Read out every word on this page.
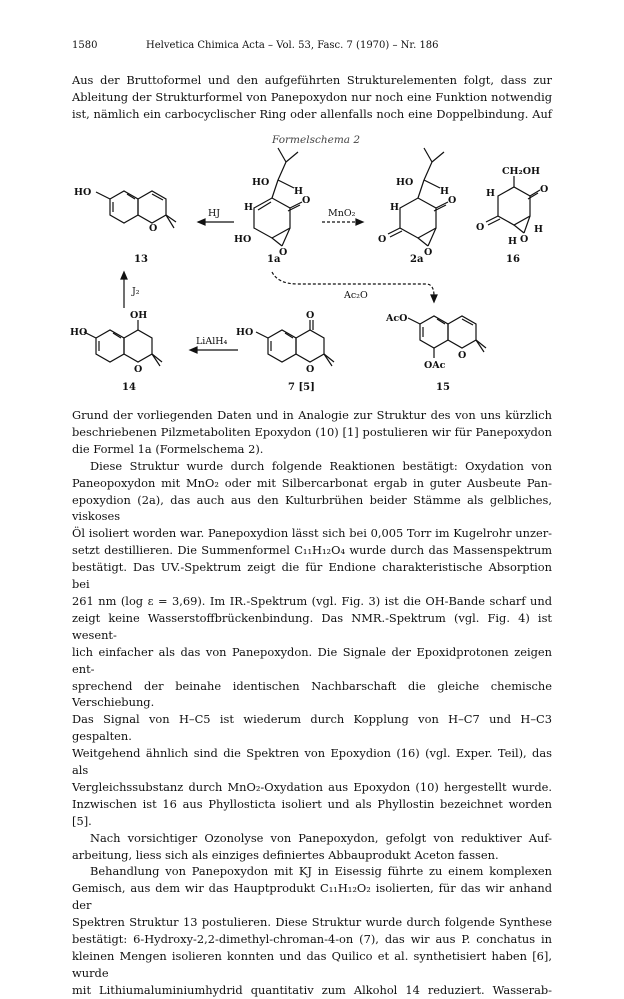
1580	Helvetica Chimica Acta – Vol. 53, Fasc. 7 (1970) – Nr. 186
Aus der Bruttoformel und den aufgeführten Strukturelementen folgt, dass zur
Ableitung der Strukturformel von Panepoxydon nur noch eine Funktion notwendig
ist, nämlich ein carbocyclischer Ring oder allenfalls noch eine Doppelbindung. Auf
Formelschema 2
HO
O
13
HJ
HO
H
H
O
HO
O
1a
MnO₂
HO
H
H
O
O
O
2a
CH₂OH
H	O
O	H
O
H
16
Ac₂O
J₂
OH
HO
O
14
LiAlH₄
O
HO
O
7 [5]
AcO
O
OAc
15
Grund der vorliegenden Daten und in Analogie zur Struktur des von uns kürzlich
beschriebenen Pilzmetaboliten Epoxydon (10) [1] postulieren wir für Panepoxydon
die Formel 1a (Formelschema 2).
Diese Struktur wurde durch folgende Reaktionen bestätigt: Oxydation von
Paneopoxydon mit MnO₂ oder mit Silbercarbonat ergab in guter Ausbeute Pan-
epoxydion (2a), das auch aus den Kulturbrühen beider Stämme als gelbliches, viskoses
Öl isoliert worden war. Panepoxydion lässt sich bei 0,005 Torr im Kugelrohr unzer-
setzt destillieren. Die Summenformel C₁₁H₁₂O₄ wurde durch das Massenspektrum
bestätigt. Das UV.-Spektrum zeigt die für Endione charakteristische Absorption bei
261 nm (log ε = 3,69). Im IR.-Spektrum (vgl. Fig. 3) ist die OH-Bande scharf und
zeigt keine Wasserstoffbrückenbindung. Das NMR.-Spektrum (vgl. Fig. 4) ist wesent-
lich einfacher als das von Panepoxydon. Die Signale der Epoxidprotonen zeigen ent-
sprechend der beinahe identischen Nachbarschaft die gleiche chemische Verschiebung.
Das Signal von H–C5 ist wiederum durch Kopplung von H–C7 und H–C3 gespalten.
Weitgehend ähnlich sind die Spektren von Epoxydion (16) (vgl. Exper. Teil), das als
Vergleichssubstanz durch MnO₂-Oxydation aus Epoxydon (10) hergestellt wurde.
Inzwischen ist 16 aus Phyllosticta isoliert und als Phyllostin bezeichnet worden [5].
Nach vorsichtiger Ozonolyse von Panepoxydon, gefolgt von reduktiver Auf-
arbeitung, liess sich als einziges definiertes Abbauprodukt Aceton fassen.
Behandlung von Panepoxydon mit KJ in Eisessig führte zu einem komplexen
Gemisch, aus dem wir das Hauptprodukt C₁₁H₁₂O₂ isolierten, für das wir anhand der
Spektren Struktur 13 postulieren. Diese Struktur wurde durch folgende Synthese
bestätigt: 6-Hydroxy-2,2-dimethyl-chroman-4-on (7), das wir aus P. conchatus in
kleinen Mengen isolieren konnten und das Quilico et al. synthetisiert haben [6], wurde
mit Lithiumaluminiumhydrid quantitativ zum Alkohol 14 reduziert. Wasserab-
